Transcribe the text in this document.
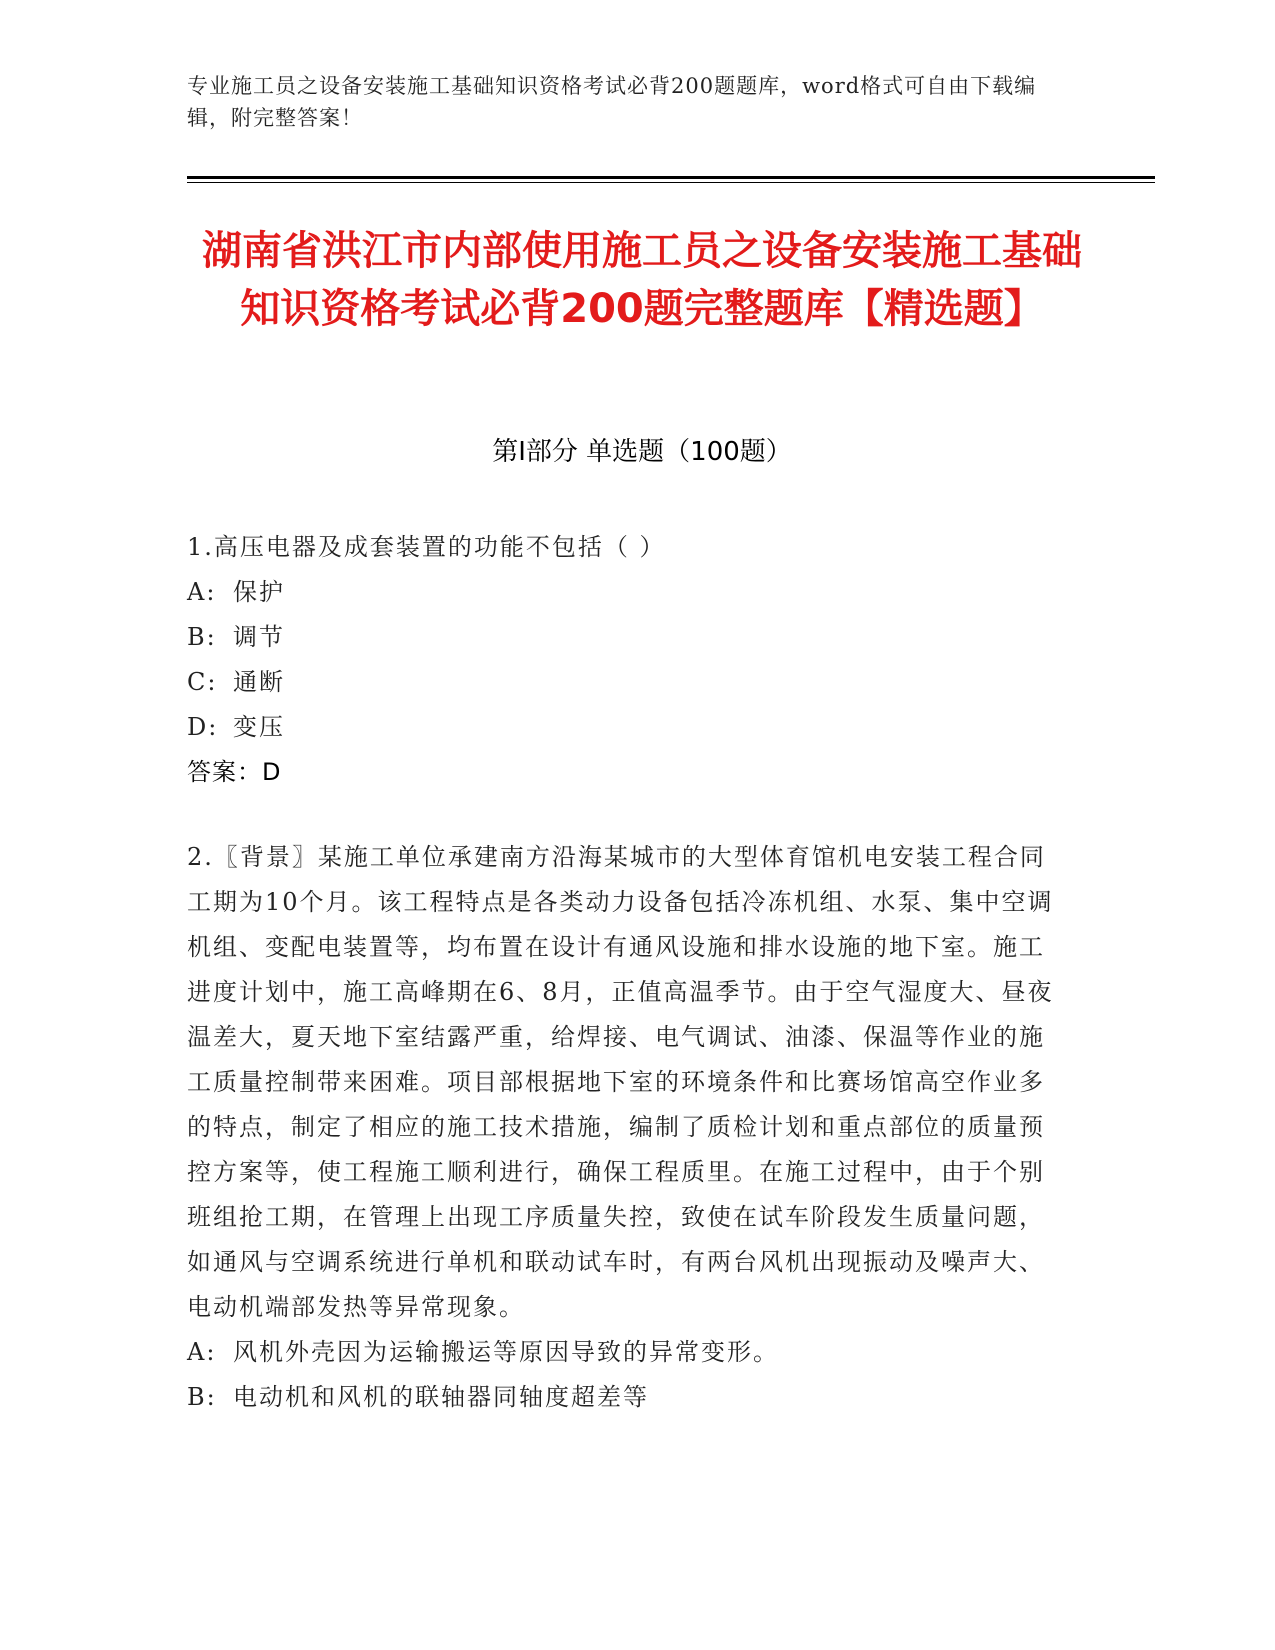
专业施工员之设备安装施工基础知识资格考试必背200题题库，word格式可自由下载编辑，附完整答案！
湖南省洪江市内部使用施工员之设备安装施工基础知识资格考试必背200题完整题库【精选题】
第I部分 单选题（100题）

1.高压电器及成套装置的功能不包括（ ）

A: 保护

B: 调节

C: 通断

D: 变压

答案：D

2.〖背景〗某施工单位承建南方沿海某城市的大型体育馆机电安装工程合同工期为10个月。该工程特点是各类动力设备包括冷冻机组、水泵、集中空调机组、变配电装置等，均布置在设计有通风设施和排水设施的地下室。施工进度计划中，施工高峰期在6、8月，正值高温季节。由于空气湿度大、昼夜温差大，夏天地下室结露严重，给焊接、电气调试、油漆、保温等作业的施工质量控制带来困难。项目部根据地下室的环境条件和比赛场馆高空作业多的特点，制定了相应的施工技术措施，编制了质检计划和重点部位的质量预控方案等，使工程施工顺利进行，确保工程质里。在施工过程中，由于个别班组抢工期，在管理上出现工序质量失控，致使在试车阶段发生质量问题，如通风与空调系统进行单机和联动试车时，有两台风机出现振动及噪声大、电动机端部发热等异常现象。

A: 风机外壳因为运输搬运等原因导致的异常变形。

B: 电动机和风机的联轴器同轴度超差等
